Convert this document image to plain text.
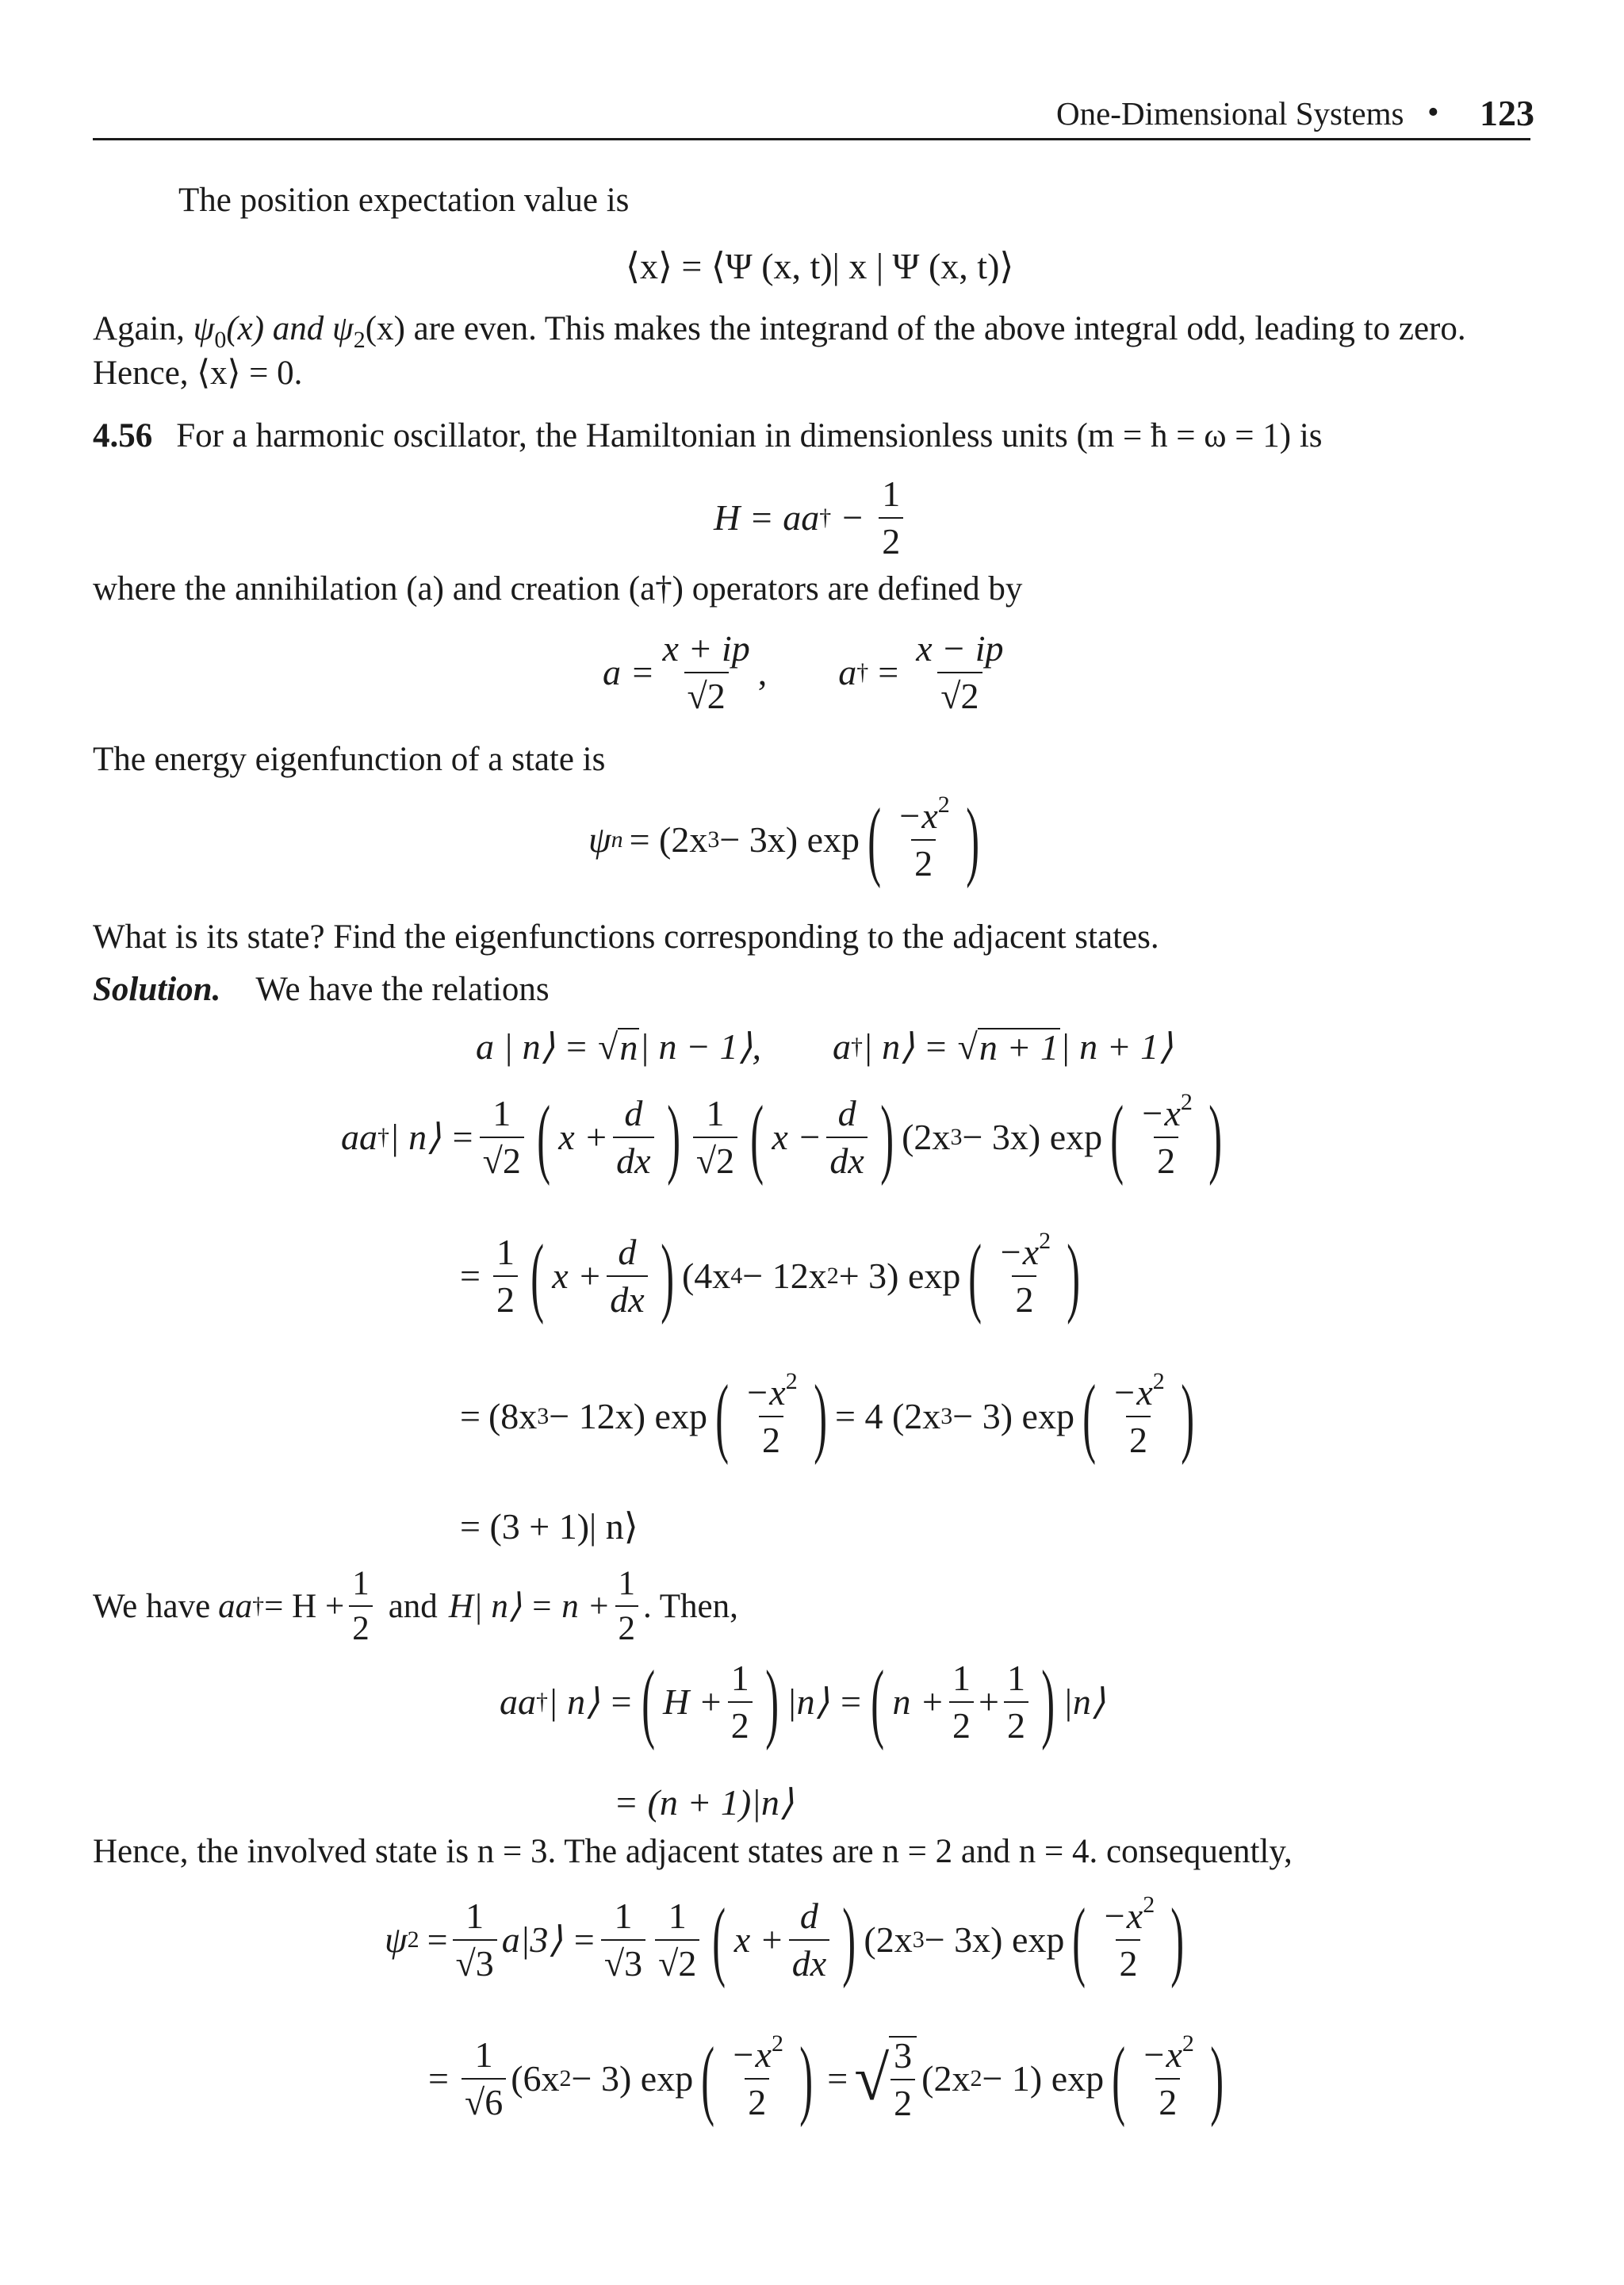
One-Dimensional Systems • 123
The position expectation value is
⟨x⟩ = ⟨Ψ (x, t)| x | Ψ (x, t)⟩
Again, $\psi_0(x)$ and $\psi_2(x)$ are even. This makes the integrand of the above integral odd, leading to zero.
Hence, ⟨x⟩ = 0.
4.56 For a harmonic oscillator, the Hamiltonian in dimensionless units (m = ħ = ω = 1) is
H = aa † − $\frac{1}{2}$
where the annihilation (a) and creation (a†) operators are defined by
$a = \frac{x + ip}{√2}$ , a † = $\frac{x - ip}{√2}$
The energy eigenfunction of a state is
ψ n = (2x 3 − 3x) exp ( $-x^2$
2 )
What is its state? Find the eigenfunctions corresponding to the adjacent states.
Solution. We have the relations
a | n⟩ = √ n | n − 1⟩, a † | n⟩ = √ n + 1 | n + 1⟩
aa † | n⟩ = $\frac{1}{√2}$ ( $x + \frac{d}{dx}$ ) 1
√2 ( $x - \frac{d}{dx}$ ) (2x 3 − 3x) exp ( $-x^2$
2 )
= $\frac{1}{2}$ ( $x + \frac{d}{dx}$ ) (4x 4 − 12x 2 + 3) exp ( $-x^2$
2 )
= (8x 3 − 12x) exp ( $-x^2$
2 ) = 4 (2x 3 − 3) exp ( $-x^2$
2 )
= (3 + 1)| n⟩
We have aa † = $H + \frac{1}{2}$ and H| n⟩ = $n + \frac{1}{2}$ . Then,
aa † | n⟩ = ( $H + \frac{1}{2}$ ) |n⟩ = ( $n + \frac{1}{2} + \frac{1}{2}$ ) |n⟩
= (n + 1)|n⟩
Hence, the involved state is n = 3. The adjacent states are n = 2 and n = 4. consequently,
ψ $2 = \frac{1}{√3}$ a|3⟩ = $\frac{1}{√3} 1$
√2 ( $x + \frac{d}{dx}$ ) (2x 3 − 3x) exp ( $-x^2$
2 )
= $\frac{1}{√6} (6x$ 2 − 3) exp ( $-x^2$
2 ) = √ 3
2
(2x 2 − 1) exp ( $-x^2$
2 )
